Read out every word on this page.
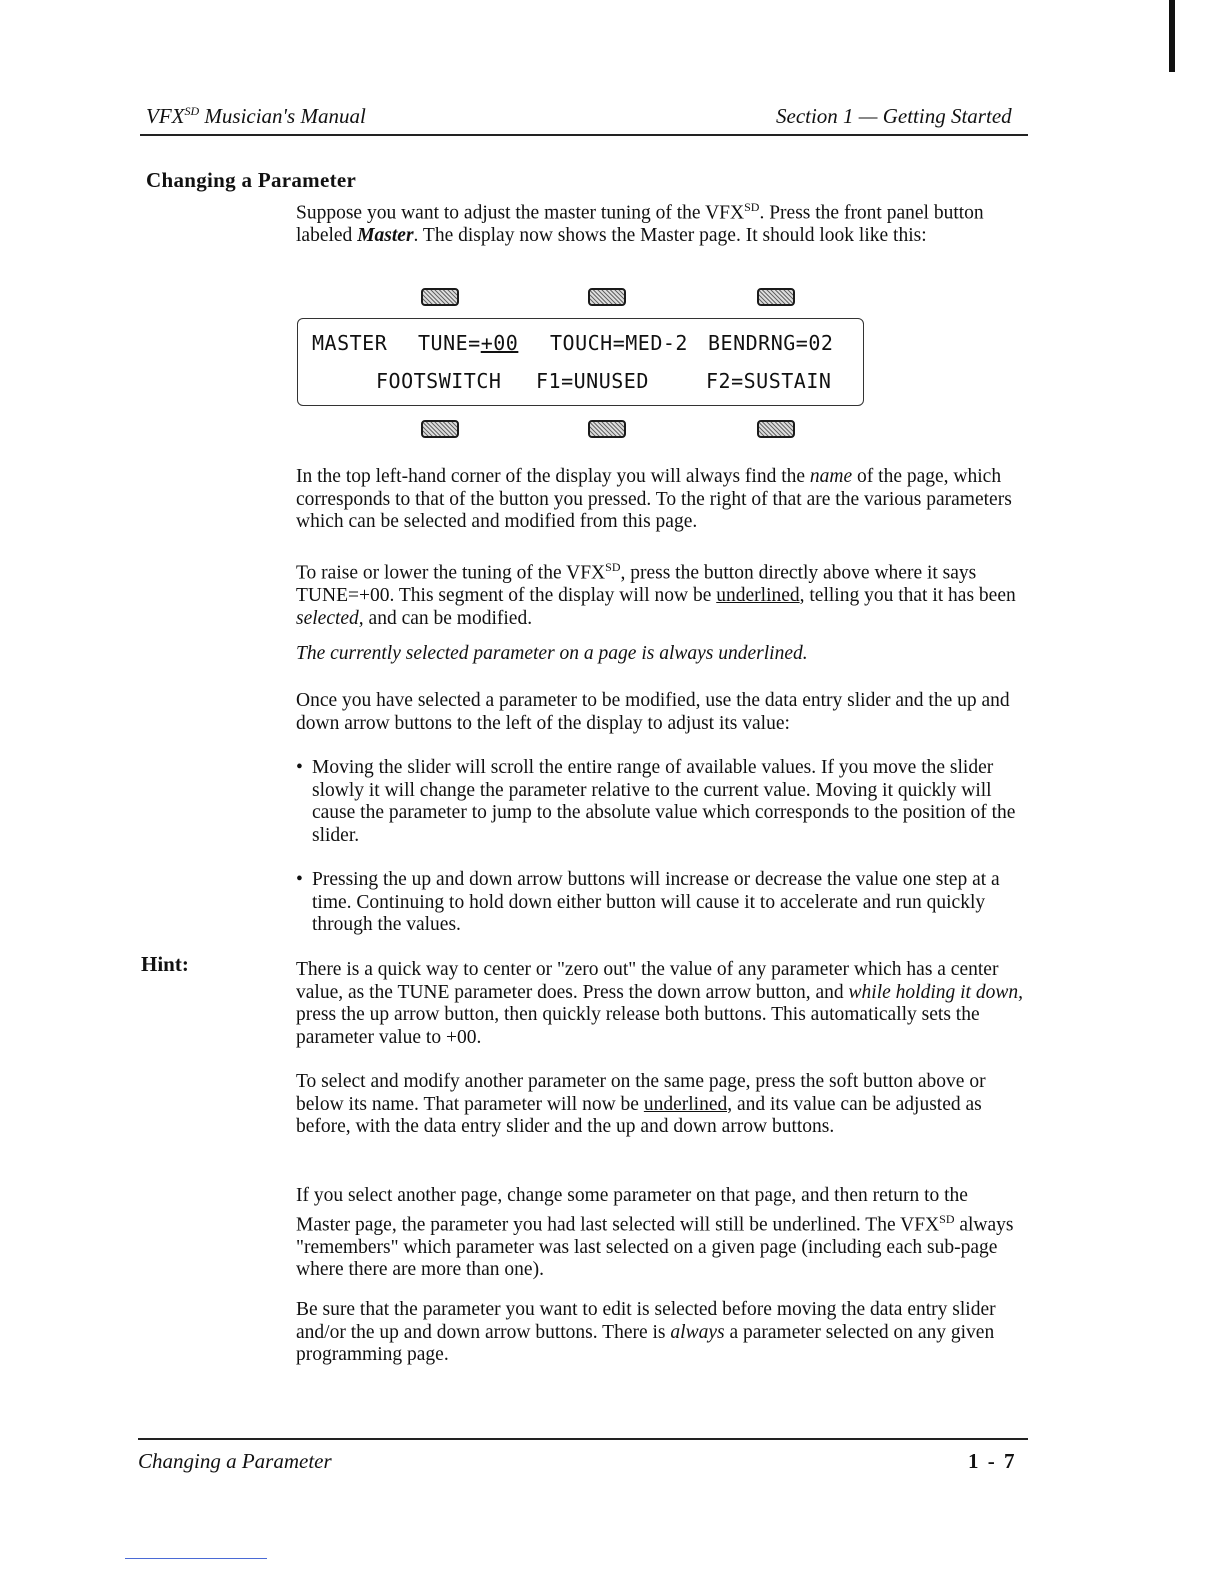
$VFX^{SD}$ Musician's Manual	Section 1 — Getting Started
Changing a Parameter

Suppose you want to adjust the master tuning of the $VFX^{SD}$. Press the front panel button labeled Master. The display now shows the Master page. It should look like this:

MASTER TUNE=+00 TOUCH=MED-2 BENDRNG=02
FOOTSWITCH F1=UNUSED	F2=SUSTAIN

In the top left-hand corner of the display you will always find the name of the page, which corresponds to that of the button you pressed. To the right of that are the various parameters which can be selected and modified from this page.

To raise or lower the tuning of the $VFX^{SD}$, press the button directly above where it says TUNE=+00. This segment of the display will now be underlined, telling you that it has been selected, and can be modified.

The currently selected parameter on a page is always underlined.

Once you have selected a parameter to be modified, use the data entry slider and the up and down arrow buttons to the left of the display to adjust its value:
• Moving the slider will scroll the entire range of available values. If you move the slider slowly it will change the parameter relative to the current value. Moving it quickly will cause the parameter to jump to the absolute value which corresponds to the position of the slider.
• Pressing the up and down arrow buttons will increase or decrease the value one step at a time. Continuing to hold down either button will cause it to accelerate and run quickly through the values.
Hint:	There is a quick way to center or "zero out" the value of any parameter which has a center value, as the TUNE parameter does. Press the down arrow button, and while holding it down, press the up arrow button, then quickly release both buttons. This automatically sets the parameter value to +00.

To select and modify another parameter on the same page, press the soft button above or below its name. That parameter will now be underlined, and its value can be adjusted as before, with the data entry slider and the up and down arrow buttons.

If you select another page, change some parameter on that page, and then return to the Master page, the parameter you had last selected will still be underlined. The $VFX^{SD}$ always "remembers" which parameter was last selected on a given page (including each sub-page where there are more than one).

Be sure that the parameter you want to edit is selected before moving the data entry slider and/or the up and down arrow buttons. There is always a parameter selected on any given programming page.

Changing a Parameter	1 - 7
